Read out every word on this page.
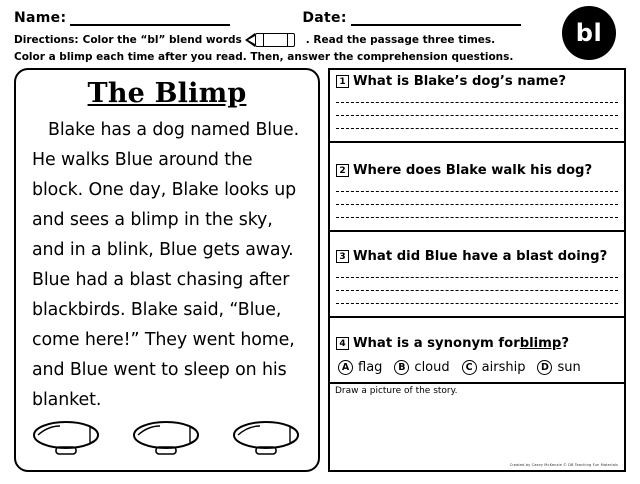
Name:	Date:
Directions: Color the “bl” blend words	. Read the passage three times.
Color a blimp each time after you read. Then, answer the comprehension questions.
bl
The Blimp
Blake has a dog named Blue. He walks Blue around the block. One day, Blake looks up and sees a blimp in the sky, and in a blink, Blue gets away. Blue had a blast chasing after blackbirds. Blake said, “Blue, come here!” They went home, and Blue went to sleep on his blanket.
1 What is Blake’s dog’s name?
2 Where does Blake walk his dog?
3 What did Blue have a blast doing?
4 What is a synonym for blimp ?
A flag	B cloud	C airship	D sun
Draw a picture of the story.
Created by Casey McKenzie © DB Teaching Fun Materials
